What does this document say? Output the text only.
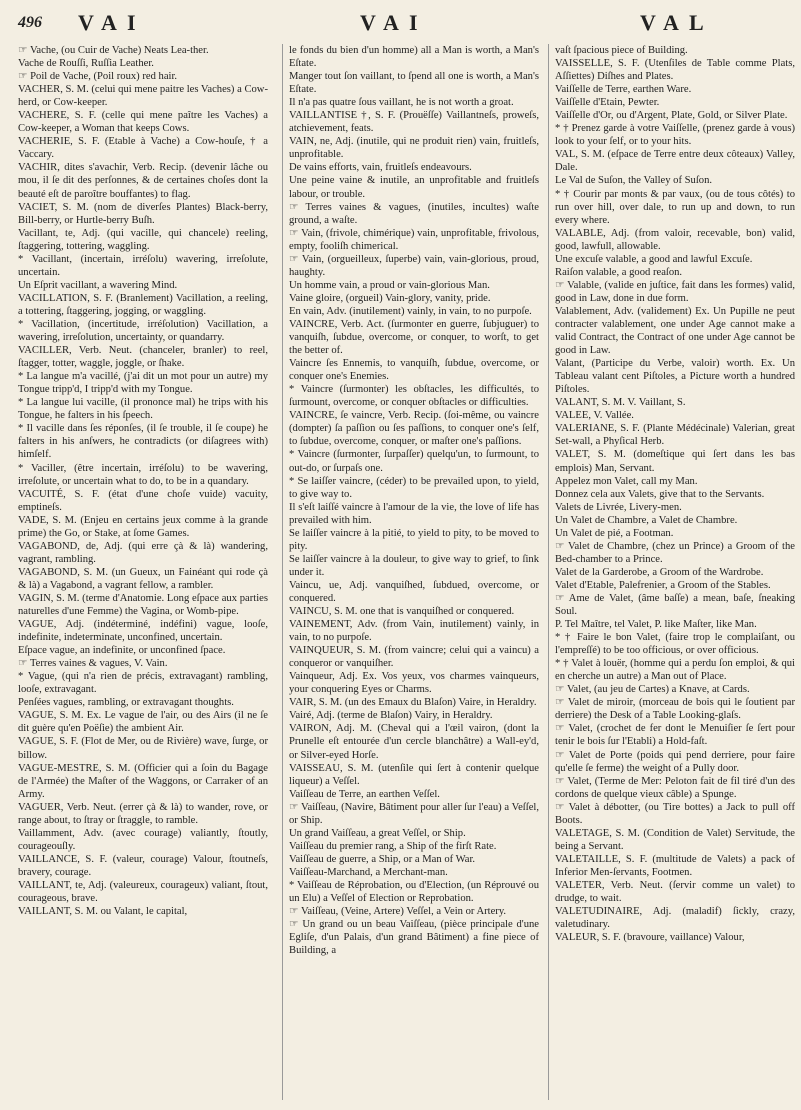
496 VAI	VAI	VAL

☞ Vache, (ou Cuir de Vache) Neats Lea-ther.

Vache de Rouſſi, Ruſſia Leather.

☞ Poil de Vache, (Poil roux) red hair.

VACHER, S. M. (celui qui mene paitre les Vaches) a Cow-herd, or Cow-keeper.

VACHERE, S. F. (celle qui mene paître les Vaches) a Cow-keeper, a Woman that keeps Cows.

VACHERIE, S. F. (Etable à Vache) a Cow-houſe, † a Vaccary.

VACHIR, dites s'avachir, Verb. Recip. (devenir lâche ou mou, il ſe dit des perſonnes, & de certaines choſes dont la beauté eſt de paroître bouffantes) to flag.

VACIET, S. M. (nom de diverſes Plantes) Black-berry, Bill-berry, or Hurtle-berry Buſh.

Vacillant, te, Adj. (qui vacille, qui chancele) reeling, ſtaggering, tottering, waggling.

* Vacillant, (incertain, irréſolu) wavering, irreſolute, uncertain.

Un Eſprit vacillant, a wavering Mind.

VACILLATION, S. F. (Branlement) Vacillation, a reeling, a tottering, ſtaggering, jogging, or waggling.

* Vacillation, (incertitude, irréſolution) Vacillation, a wavering, irreſolution, uncertainty, or quandarry.

VACILLER, Verb. Neut. (chanceler, branler) to reel, ſtagger, totter, waggle, joggle, or ſhake.

* La langue m'a vacillé, (j'ai dit un mot pour un autre) my Tongue tripp'd, I tripp'd with my Tongue.

* La langue lui vacille, (il prononce mal) he trips with his Tongue, he falters in his ſpeech.

* Il vacille dans ſes réponſes, (il ſe trouble, il ſe coupe) he falters in his anſwers, he contradicts (or diſagrees with) himſelf.

* Vaciller, (être incertain, irréſolu) to be wavering, irreſolute, or uncertain what to do, to be in a quandary.

VACUITÉ, S. F. (état d'une choſe vuide) vacuity, emptineſs.

VADE, S. M. (Enjeu en certains jeux comme à la grande prime) the Go, or Stake, at ſome Games.

VAGABOND, de, Adj. (qui erre çà & là) wandering, vagrant, rambling.

VAGABOND, S. M. (un Gueux, un Fainéant qui rode çà & là) a Vagabond, a vagrant fellow, a rambler.

VAGIN, S. M. (terme d'Anatomie. Long eſpace aux parties naturelles d'une Femme) the Vagina, or Womb-pipe.

VAGUE, Adj. (indéterminé, indéfini) vague, looſe, indefinite, indeterminate, unconfined, uncertain.

Eſpace vague, an indefinite, or unconfined ſpace.

☞ Terres vaines & vagues, V. Vain.

* Vague, (qui n'a rien de précis, extravagant) rambling, looſe, extravagant.

Penſées vagues, rambling, or extravagant thoughts.

VAGUE, S. M. Ex. Le vague de l'air, ou des Airs (il ne ſe dit guère qu'en Poëſie) the ambient Air.

VAGUE, S. F. (Flot de Mer, ou de Rivière) wave, ſurge, or billow.

VAGUE-MESTRE, S. M. (Officier qui a ſoin du Bagage de l'Armée) the Maſter of the Waggons, or Carraker of an Army.

VAGUER, Verb. Neut. (errer çà & là) to wander, rove, or range about, to ſtray or ſtraggle, to ramble.

Vaillamment, Adv. (avec courage) valiantly, ſtoutly, courageouſly.

VAILLANCE, S. F. (valeur, courage) Valour, ſtoutneſs, bravery, courage.

VAILLANT, te, Adj. (valeureux, courageux) valiant, ſtout, courageous, brave.

VAILLANT, S. M. ou Valant, le capital,

le fonds du bien d'un homme) all a Man is worth, a Man's Eſtate.

Manger tout ſon vaillant, to ſpend all one is worth, a Man's Eſtate.

Il n'a pas quatre ſous vaillant, he is not worth a groat.

VAILLANTISE †, S. F. (Prouëſſe) Vaillantneſs, proweſs, atchievement, feats.

VAIN, ne, Adj. (inutile, qui ne produit rien) vain, fruitleſs, unprofitable.

De vains efforts, vain, fruitleſs endeavours.

Une peine vaine & inutile, an unprofitable and fruitleſs labour, or trouble.

☞ Terres vaines & vagues, (inutiles, incultes) waſte ground, a waſte.

☞ Vain, (frivole, chimérique) vain, unprofitable, frivolous, empty, fooliſh chimerical.

☞ Vain, (orgueilleux, ſuperbe) vain, vain-glorious, proud, haughty.

Un homme vain, a proud or vain-glorious Man.

Vaine gloire, (orgueil) Vain-glory, vanity, pride.

En vain, Adv. (inutilement) vainly, in vain, to no purpoſe.

VAINCRE, Verb. Act. (ſurmonter en guerre, ſubjuguer) to vanquiſh, ſubdue, overcome, or conquer, to worſt, to get the better of.

Vaincre ſes Ennemis, to vanquiſh, ſubdue, overcome, or conquer one's Enemies.

* Vaincre (ſurmonter) les obſtacles, les difficultés, to ſurmount, overcome, or conquer obſtacles or difficulties.

VAINCRE, ſe vaincre, Verb. Recip. (ſoi-même, ou vaincre (dompter) ſa paſſion ou ſes paſſions, to conquer one's ſelf, to ſubdue, overcome, conquer, or maſter one's paſſions.

* Vaincre (ſurmonter, ſurpaſſer) quelqu'un, to ſurmount, to out-do, or ſurpaſs one.

* Se laiſſer vaincre, (céder) to be prevailed upon, to yield, to give way to.

Il s'eſt laiſſé vaincre à l'amour de la vie, the love of life has prevailed with him.

Se laiſſer vaincre à la pitié, to yield to pity, to be moved to pity.

Se laiſſer vaincre à la douleur, to give way to grief, to ſink under it.

Vaincu, ue, Adj. vanquiſhed, ſubdued, overcome, or conquered.

VAINCU, S. M. one that is vanquiſhed or conquered.

VAINEMENT, Adv. (from Vain, inutilement) vainly, in vain, to no purpoſe.

VAINQUEUR, S. M. (from vaincre; celui qui a vaincu) a conqueror or vanquiſher.

Vainqueur, Adj. Ex. Vos yeux, vos charmes vainqueurs, your conquering Eyes or Charms.

VAIR, S. M. (un des Emaux du Blaſon) Vaire, in Heraldry.

Vairé, Adj. (terme de Blaſon) Vairy, in Heraldry.

VAIRON, Adj. M. (Cheval qui a l'œil vairon, (dont la Prunelle eſt entourée d'un cercle blanchâtre) a Wall-ey'd, or Silver-eyed Horſe.

VAISSEAU, S. M. (utenſile qui ſert à contenir quelque liqueur) a Veſſel.

Vaiſſeau de Terre, an earthen Veſſel.

☞ Vaiſſeau, (Navire, Bâtiment pour aller ſur l'eau) a Veſſel, or Ship.

Un grand Vaiſſeau, a great Veſſel, or Ship.

Vaiſſeau du premier rang, a Ship of the firſt Rate.

Vaiſſeau de guerre, a Ship, or a Man of War.

Vaiſſeau-Marchand, a Merchant-man.

* Vaiſſeau de Réprobation, ou d'Election, (un Réprouvé ou un Elu) a Veſſel of Election or Reprobation.

☞ Vaiſſeau, (Veine, Artere) Veſſel, a Vein or Artery.

☞ Un grand ou un beau Vaiſſeau, (pièce principale d'une Egliſe, d'un Palais, d'un grand Bâtiment) a fine piece of Building, a

vaſt ſpacious piece of Building.

VAISSELLE, S. F. (Utenſiles de Table comme Plats, Aſſiettes) Diſhes and Plates.

Vaiſſelle de Terre, earthen Ware.

Vaiſſelle d'Etain, Pewter.

Vaiſſelle d'Or, ou d'Argent, Plate, Gold, or Silver Plate.

* † Prenez garde à votre Vaiſſelle, (prenez garde à vous) look to your ſelf, or to your hits.

VAL, S. M. (eſpace de Terre entre deux côteaux) Valley, Dale.

Le Val de Suſon, the Valley of Suſon.

* † Courir par monts & par vaux, (ou de tous côtés) to run over hill, over dale, to run up and down, to run every where.

VALABLE, Adj. (from valoir, recevable, bon) valid, good, lawfull, allowable.

Une excuſe valable, a good and lawful Excuſe.

Raiſon valable, a good reaſon.

☞ Valable, (valide en juſtice, fait dans les formes) valid, good in Law, done in due form.

Valablement, Adv. (validement) Ex. Un Pupille ne peut contracter valablement, one under Age cannot make a valid Contract, the Contract of one under Age cannot be good in Law.

Valant, (Participe du Verbe, valoir) worth. Ex. Un Tableau valant cent Piſtoles, a Picture worth a hundred Piſtoles.

VALANT, S. M. V. Vaillant, S.

VALEE, V. Vallée.

VALERIANE, S. F. (Plante Médécinale) Valerian, great Set-wall, a Phyſical Herb.

VALET, S. M. (domeſtique qui ſert dans les bas emplois) Man, Servant.

Appelez mon Valet, call my Man.

Donnez cela aux Valets, give that to the Servants.

Valets de Livrée, Livery-men.

Un Valet de Chambre, a Valet de Chambre.

Un Valet de pié, a Footman.

☞ Valet de Chambre, (chez un Prince) a Groom of the Bed-chamber to a Prince.

Valet de la Garderobe, a Groom of the Wardrobe.

Valet d'Etable, Palefrenier, a Groom of the Stables.

☞ Ame de Valet, (âme baſſe) a mean, baſe, ſneaking Soul.

P. Tel Maître, tel Valet, P. like Maſter, like Man.

* † Faire le bon Valet, (faire trop le complaiſant, ou l'empreſſé) to be too officious, or over officious.

* † Valet à louër, (homme qui a perdu ſon emploi, & qui en cherche un autre) a Man out of Place.

☞ Valet, (au jeu de Cartes) a Knave, at Cards.

☞ Valet de miroir, (morceau de bois qui le ſoutient par derriere) the Desk of a Table Looking-glaſs.

☞ Valet, (crochet de fer dont le Menuiſier ſe ſert pour tenir le bois ſur l'Etabli) a Hold-faſt.

☞ Valet de Porte (poids qui pend derriere, pour faire qu'elle ſe ferme) the weight of a Pully door.

☞ Valet, (Terme de Mer: Peloton fait de fil tiré d'un des cordons de quelque vieux câble) a Spunge.

☞ Valet à débotter, (ou Tire bottes) a Jack to pull off Boots.

VALETAGE, S. M. (Condition de Valet) Servitude, the being a Servant.

VALETAILLE, S. F. (multitude de Valets) a pack of Inferior Men-ſervants, Footmen.

VALETER, Verb. Neut. (ſervir comme un valet) to drudge, to wait.

VALETUDINAIRE, Adj. (maladif) ſickly, crazy, valetudinary.

VALEUR, S. F. (bravoure, vaillance) Valour,
